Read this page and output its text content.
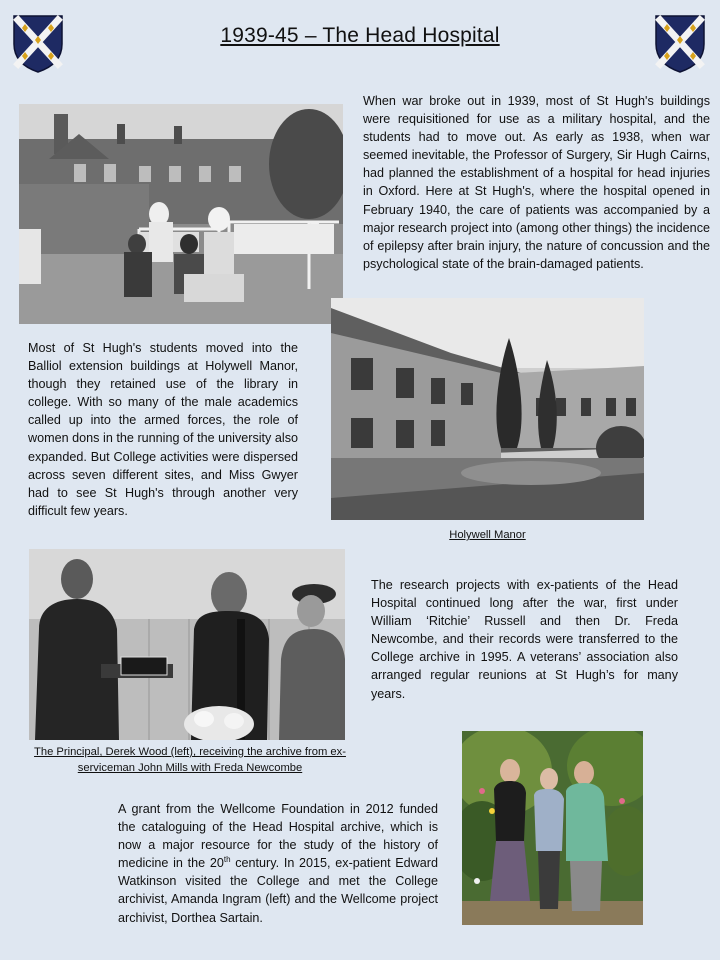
1939-45 – The Head Hospital

When war broke out in 1939, most of St Hugh's buildings were requisitioned for use as a military hospital, and the students had to move out. As early as 1938, when war seemed inevitable, the Professor of Surgery, Sir Hugh Cairns, had planned the establishment of a hospital for head injuries in Oxford. Here at St Hugh's, where the hospital opened in February 1940, the care of patients was accompanied by a major research project into (among other things) the incidence of epilepsy after brain injury, the nature of concussion and the psychological state of the brain-damaged patients.

Most of St Hugh's students moved into the Balliol extension buildings at Holywell Manor, though they retained use of the library in college. With so many of the male academics called up into the armed forces, the role of women dons in the running of the university also expanded. But College activities were dispersed across seven different sites, and Miss Gwyer had to see St Hugh's through another very difficult few years.

Holywell Manor

The Principal, Derek Wood (left), receiving the archive from ex-serviceman John Mills with Freda Newcombe

The research projects with ex-patients of the Head Hospital continued long after the war, first under William ‘Ritchie’ Russell and then Dr. Freda Newcombe, and their records were transferred to the College archive in 1995. A veterans’ association also arranged regular reunions at St Hugh’s for many years.

A grant from the Wellcome Foundation in 2012 funded the cataloguing of the Head Hospital archive, which is now a major resource for the study of the history of medicine in the 20th century. In 2015, ex-patient Edward Watkinson visited the College and met the College archivist, Amanda Ingram (left) and the Wellcome project archivist, Dorthea Sartain.
